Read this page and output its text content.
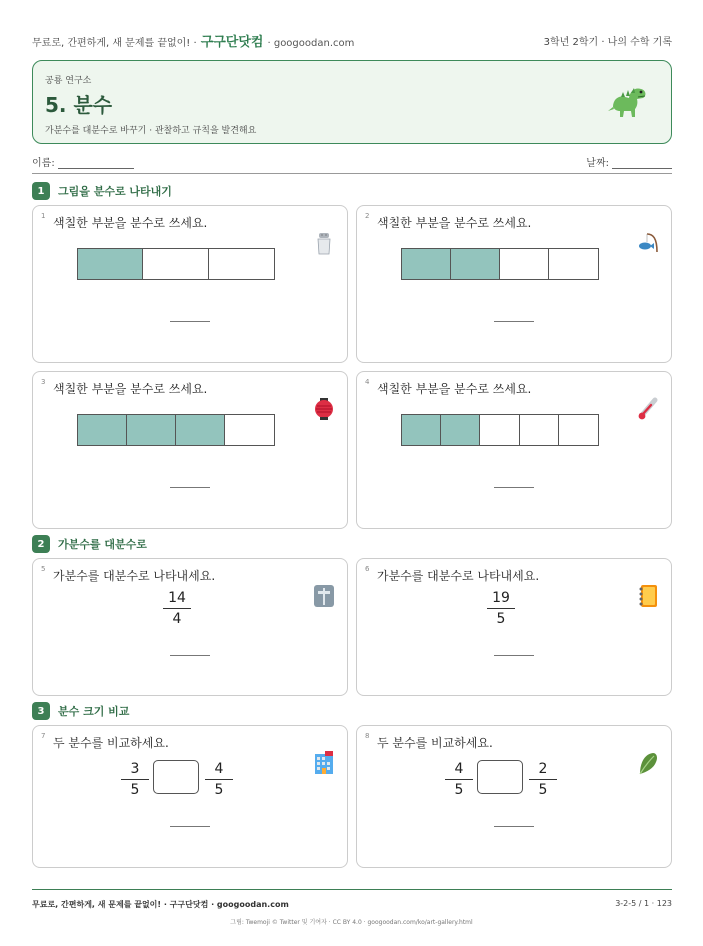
무료로, 간편하게, 새 문제를 끝없이! · 구구단닷컴 · googoodan.com	3학년 2학기 · 나의 수학 기록
공룡 연구소
5. 분수
가분수를 대분수로 바꾸기 · 관찰하고 규칙을 발견해요
이름:	날짜:
1	그림을 분수로 나타내기
1 색칠한 부분을 분수로 쓰세요.	2 색칠한 부분을 분수로 쓰세요.
3 색칠한 부분을 분수로 쓰세요.	4 색칠한 부분을 분수로 쓰세요.
2	가분수를 대분수로
5 가분수를 대분수로 나타내세요.
14
4
6 가분수를 대분수로 나타내세요.
19
5
3	분수 크기 비교
7 두 분수를 비교하세요.
3
5
4
5
8 두 분수를 비교하세요.
4
5
2
5
무료로, 간편하게, 새 문제를 끝없이! · 구구단닷컴 · googoodan.com	3-2-5 / 1 · 123
그림: Twemoji © Twitter 및 기여자 · CC BY 4.0 · googoodan.com/ko/art-gallery.html
